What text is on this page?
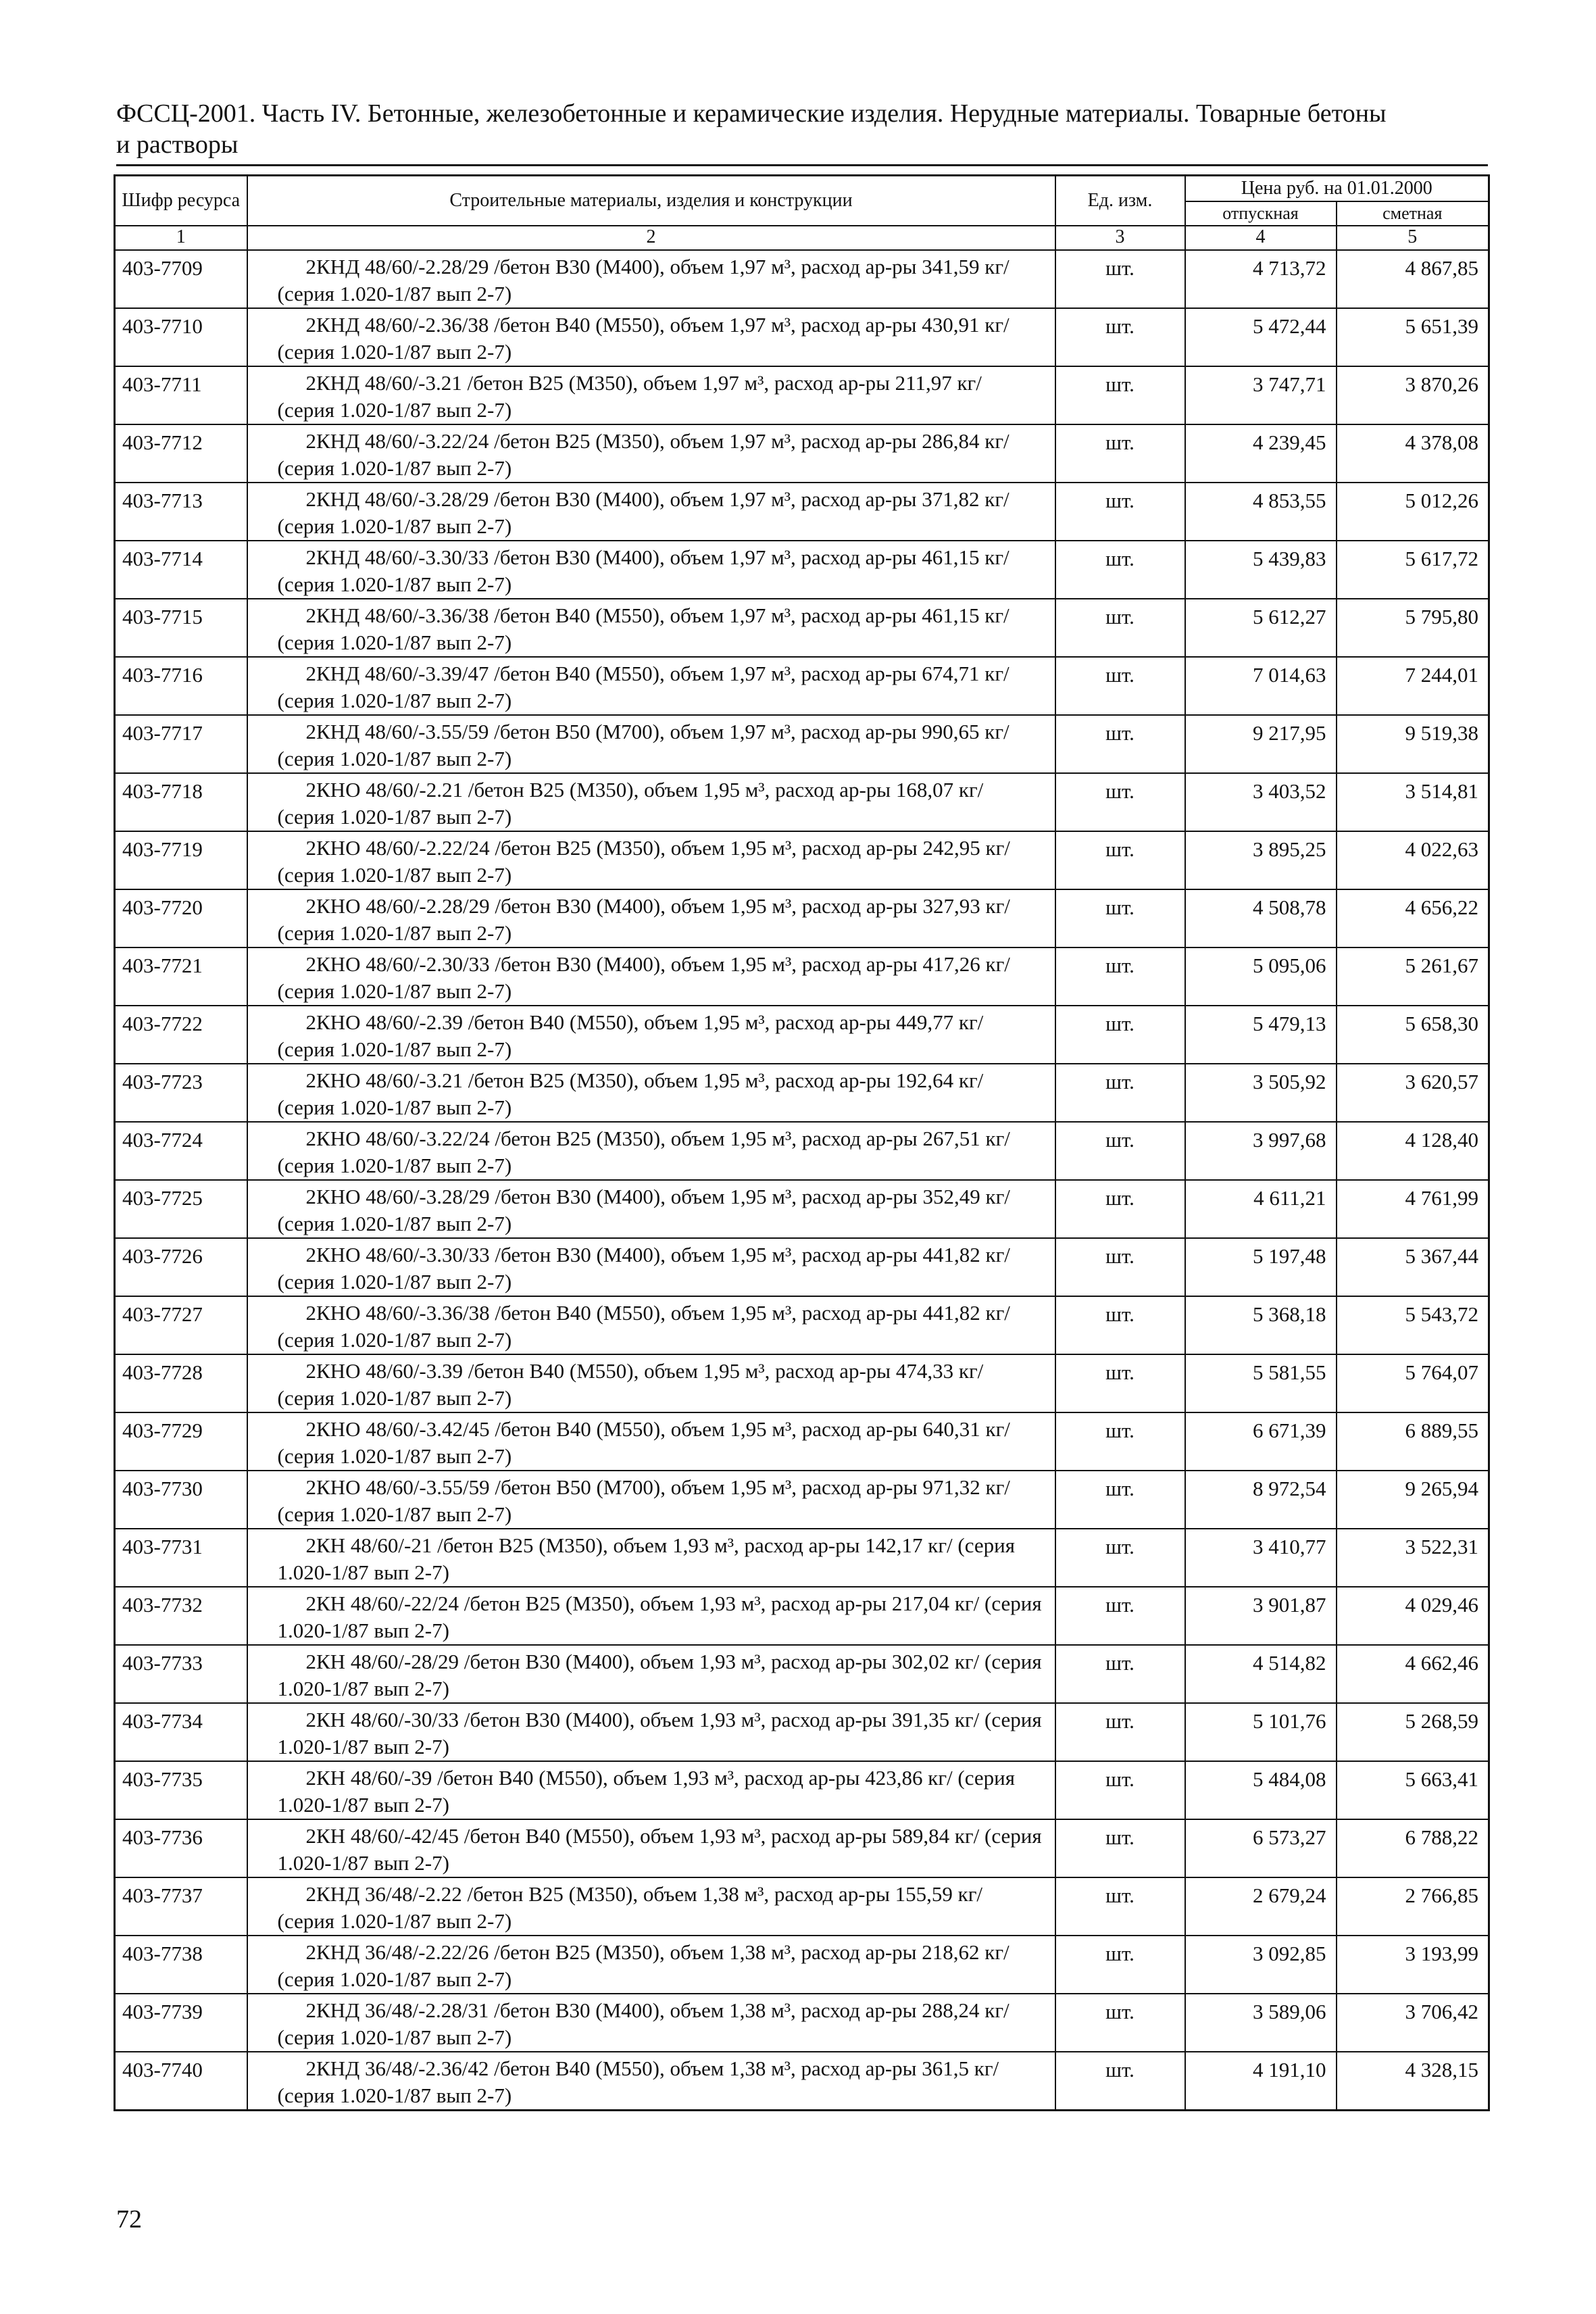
ФССЦ-2001. Часть IV. Бетонные, железобетонные и керамические изделия. Нерудные материалы. Товарные бетоны
и растворы
Шифр ресурса	Строительные материалы, изделия и конструкции	Ед. изм.	Цена руб. на 01.01.2000	
			отпускная	сметная
1	2	3	4	5
403-7709	2КНД 48/60/-2.28/29 /бетон В30 (М400), объем 1,97 м³, расход ар-ры 341,59 кг/ (серия 1.020-1/87 вып 2-7)	шт.	4 713,72	4 867,85
403-7710	2КНД 48/60/-2.36/38 /бетон В40 (М550), объем 1,97 м³, расход ар-ры 430,91 кг/ (серия 1.020-1/87 вып 2-7)	шт.	5 472,44	5 651,39
403-7711	2КНД 48/60/-3.21 /бетон В25 (М350), объем 1,97 м³, расход ар-ры 211,97 кг/ (серия 1.020-1/87 вып 2-7)	шт.	3 747,71	3 870,26
403-7712	2КНД 48/60/-3.22/24 /бетон В25 (М350), объем 1,97 м³, расход ар-ры 286,84 кг/ (серия 1.020-1/87 вып 2-7)	шт.	4 239,45	4 378,08
403-7713	2КНД 48/60/-3.28/29 /бетон В30 (М400), объем 1,97 м³, расход ар-ры 371,82 кг/ (серия 1.020-1/87 вып 2-7)	шт.	4 853,55	5 012,26
403-7714	2КНД 48/60/-3.30/33 /бетон В30 (М400), объем 1,97 м³, расход ар-ры 461,15 кг/ (серия 1.020-1/87 вып 2-7)	шт.	5 439,83	5 617,72
403-7715	2КНД 48/60/-3.36/38 /бетон В40 (М550), объем 1,97 м³, расход ар-ры 461,15 кг/ (серия 1.020-1/87 вып 2-7)	шт.	5 612,27	5 795,80
403-7716	2КНД 48/60/-3.39/47 /бетон В40 (М550), объем 1,97 м³, расход ар-ры 674,71 кг/ (серия 1.020-1/87 вып 2-7)	шт.	7 014,63	7 244,01
403-7717	2КНД 48/60/-3.55/59 /бетон В50 (М700), объем 1,97 м³, расход ар-ры 990,65 кг/ (серия 1.020-1/87 вып 2-7)	шт.	9 217,95	9 519,38
403-7718	2КНО 48/60/-2.21 /бетон В25 (М350), объем 1,95 м³, расход ар-ры 168,07 кг/ (серия 1.020-1/87 вып 2-7)	шт.	3 403,52	3 514,81
403-7719	2КНО 48/60/-2.22/24 /бетон В25 (М350), объем 1,95 м³, расход ар-ры 242,95 кг/ (серия 1.020-1/87 вып 2-7)	шт.	3 895,25	4 022,63
403-7720	2КНО 48/60/-2.28/29 /бетон В30 (М400), объем 1,95 м³, расход ар-ры 327,93 кг/ (серия 1.020-1/87 вып 2-7)	шт.	4 508,78	4 656,22
403-7721	2КНО 48/60/-2.30/33 /бетон В30 (М400), объем 1,95 м³, расход ар-ры 417,26 кг/ (серия 1.020-1/87 вып 2-7)	шт.	5 095,06	5 261,67
403-7722	2КНО 48/60/-2.39 /бетон В40 (М550), объем 1,95 м³, расход ар-ры 449,77 кг/ (серия 1.020-1/87 вып 2-7)	шт.	5 479,13	5 658,30
403-7723	2КНО 48/60/-3.21 /бетон В25 (М350), объем 1,95 м³, расход ар-ры 192,64 кг/ (серия 1.020-1/87 вып 2-7)	шт.	3 505,92	3 620,57
403-7724	2КНО 48/60/-3.22/24 /бетон В25 (М350), объем 1,95 м³, расход ар-ры 267,51 кг/ (серия 1.020-1/87 вып 2-7)	шт.	3 997,68	4 128,40
403-7725	2КНО 48/60/-3.28/29 /бетон В30 (М400), объем 1,95 м³, расход ар-ры 352,49 кг/ (серия 1.020-1/87 вып 2-7)	шт.	4 611,21	4 761,99
403-7726	2КНО 48/60/-3.30/33 /бетон В30 (М400), объем 1,95 м³, расход ар-ры 441,82 кг/ (серия 1.020-1/87 вып 2-7)	шт.	5 197,48	5 367,44
403-7727	2КНО 48/60/-3.36/38 /бетон В40 (М550), объем 1,95 м³, расход ар-ры 441,82 кг/ (серия 1.020-1/87 вып 2-7)	шт.	5 368,18	5 543,72
403-7728	2КНО 48/60/-3.39 /бетон В40 (М550), объем 1,95 м³, расход ар-ры 474,33 кг/ (серия 1.020-1/87 вып 2-7)	шт.	5 581,55	5 764,07
403-7729	2КНО 48/60/-3.42/45 /бетон В40 (М550), объем 1,95 м³, расход ар-ры 640,31 кг/ (серия 1.020-1/87 вып 2-7)	шт.	6 671,39	6 889,55
403-7730	2КНО 48/60/-3.55/59 /бетон В50 (М700), объем 1,95 м³, расход ар-ры 971,32 кг/ (серия 1.020-1/87 вып 2-7)	шт.	8 972,54	9 265,94
403-7731	2КН 48/60/-21 /бетон В25 (М350), объем 1,93 м³, расход ар-ры 142,17 кг/ (серия 1.020-1/87 вып 2-7)	шт.	3 410,77	3 522,31
403-7732	2КН 48/60/-22/24 /бетон В25 (М350), объем 1,93 м³, расход ар-ры 217,04 кг/ (серия 1.020-1/87 вып 2-7)	шт.	3 901,87	4 029,46
403-7733	2КН 48/60/-28/29 /бетон В30 (М400), объем 1,93 м³, расход ар-ры 302,02 кг/ (серия 1.020-1/87 вып 2-7)	шт.	4 514,82	4 662,46
403-7734	2КН 48/60/-30/33 /бетон В30 (М400), объем 1,93 м³, расход ар-ры 391,35 кг/ (серия 1.020-1/87 вып 2-7)	шт.	5 101,76	5 268,59
403-7735	2КН 48/60/-39 /бетон В40 (М550), объем 1,93 м³, расход ар-ры 423,86 кг/ (серия 1.020-1/87 вып 2-7)	шт.	5 484,08	5 663,41
403-7736	2КН 48/60/-42/45 /бетон В40 (М550), объем 1,93 м³, расход ар-ры 589,84 кг/ (серия 1.020-1/87 вып 2-7)	шт.	6 573,27	6 788,22
403-7737	2КНД 36/48/-2.22 /бетон В25 (М350), объем 1,38 м³, расход ар-ры 155,59 кг/ (серия 1.020-1/87 вып 2-7)	шт.	2 679,24	2 766,85
403-7738	2КНД 36/48/-2.22/26 /бетон В25 (М350), объем 1,38 м³, расход ар-ры 218,62 кг/ (серия 1.020-1/87 вып 2-7)	шт.	3 092,85	3 193,99
403-7739	2КНД 36/48/-2.28/31 /бетон В30 (М400), объем 1,38 м³, расход ар-ры 288,24 кг/ (серия 1.020-1/87 вып 2-7)	шт.	3 589,06	3 706,42
403-7740	2КНД 36/48/-2.36/42 /бетон В40 (М550), объем 1,38 м³, расход ар-ры 361,5 кг/ (серия 1.020-1/87 вып 2-7)	шт.	4 191,10	4 328,15
72
